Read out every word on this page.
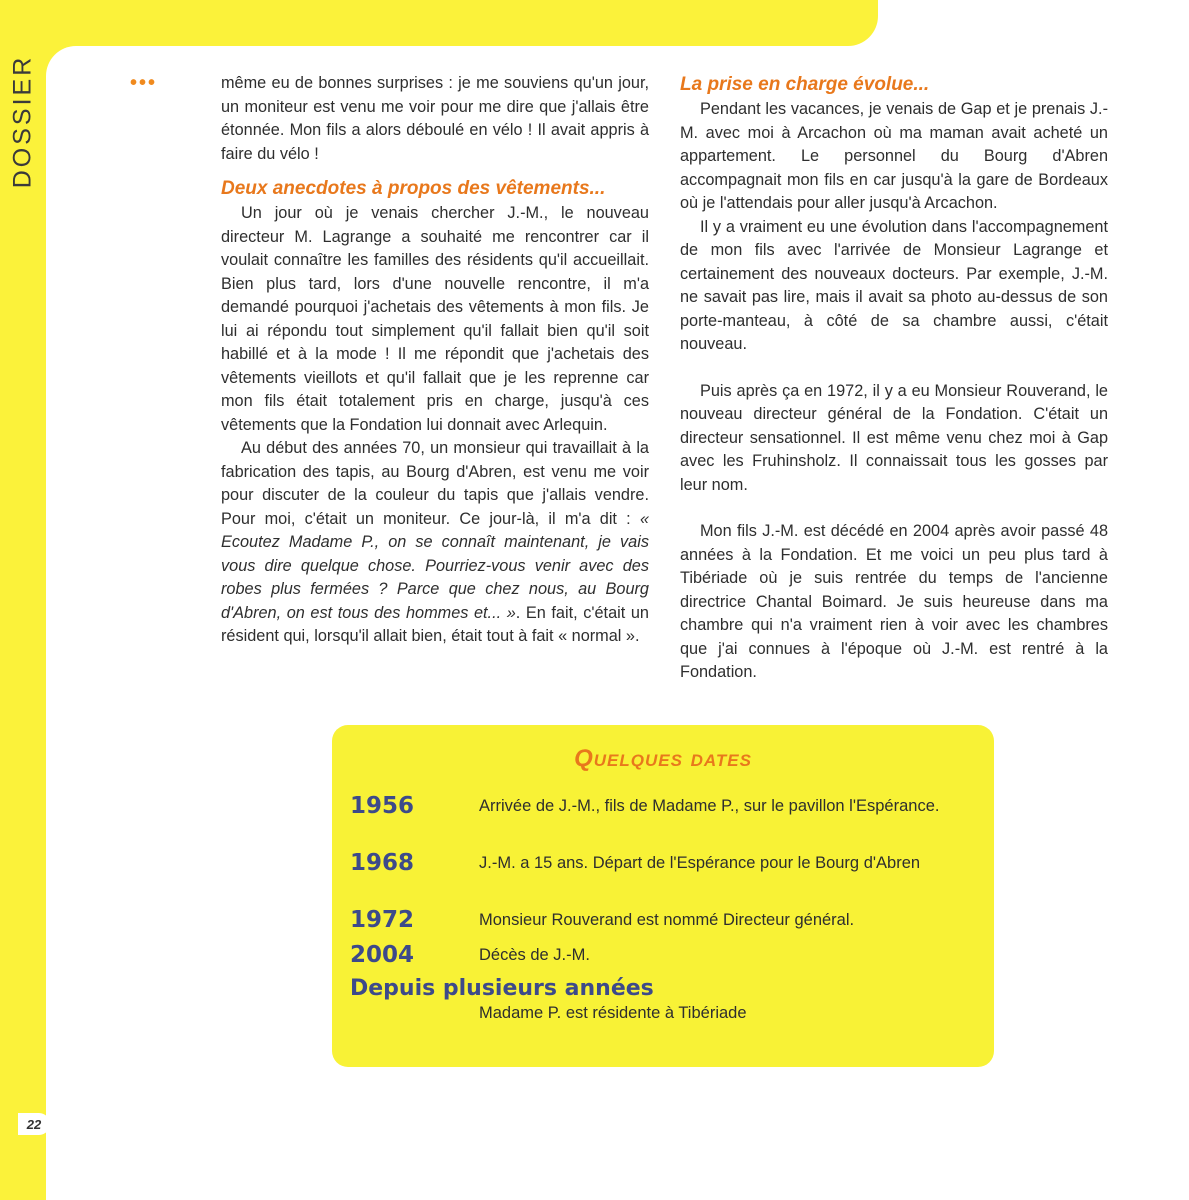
DOSSIER
22
•••	même eu de bonnes surprises : je me souviens qu'un jour, un moniteur est venu me voir pour me dire que j'allais être étonnée. Mon fils a alors déboulé en vélo ! Il avait appris à faire du vélo !

Deux anecdotes à propos des vêtements...

Un jour où je venais chercher J.-M., le nouveau directeur M. Lagrange a souhaité me rencontrer car il voulait connaître les familles des résidents qu'il accueillait. Bien plus tard, lors d'une nouvelle rencontre, il m'a demandé pourquoi j'achetais des vêtements à mon fils. Je lui ai répondu tout simplement qu'il fallait bien qu'il soit habillé et à la mode ! Il me répondit que j'achetais des vêtements vieillots et qu'il fallait que je les reprenne car mon fils était totalement pris en charge, jusqu'à ces vêtements que la Fondation lui donnait avec Arlequin.

Au début des années 70, un monsieur qui travaillait à la fabrication des tapis, au Bourg d'Abren, est venu me voir pour discuter de la couleur du tapis que j'allais vendre. Pour moi, c'était un moniteur. Ce jour-là, il m'a dit : « Ecoutez Madame P., on se connaît maintenant, je vais vous dire quelque chose. Pourriez-vous venir avec des robes plus fermées ? Parce que chez nous, au Bourg d'Abren, on est tous des hommes et... ». En fait, c'était un résident qui, lorsqu'il allait bien, était tout à fait « normal ».

La prise en charge évolue...

Pendant les vacances, je venais de Gap et je prenais J.-M. avec moi à Arcachon où ma maman avait acheté un appartement. Le personnel du Bourg d'Abren accompagnait mon fils en car jusqu'à la gare de Bordeaux où je l'attendais pour aller jusqu'à Arcachon.

Il y a vraiment eu une évolution dans l'accompagnement de mon fils avec l'arrivée de Monsieur Lagrange et certainement des nouveaux docteurs. Par exemple, J.-M. ne savait pas lire, mais il avait sa photo au-dessus de son porte-manteau, à côté de sa chambre aussi, c'était nouveau.

Puis après ça en 1972, il y a eu Monsieur Rouverand, le nouveau directeur général de la Fondation. C'était un directeur sensationnel. Il est même venu chez moi à Gap avec les Fruhinsholz. Il connaissait tous les gosses par leur nom.

Mon fils J.-M. est décédé en 2004 après avoir passé 48 années à la Fondation. Et me voici un peu plus tard à Tibériade où je suis rentrée du temps de l'ancienne directrice Chantal Boimard. Je suis heureuse dans ma chambre qui n'a vraiment rien à voir avec les chambres que j'ai connues à l'époque où J.-M. est rentré à la Fondation.

Quelques dates
1956	Arrivée de J.-M., fils de Madame P., sur le pavillon l'Espérance.
1968	J.-M. a 15 ans. Départ de l'Espérance pour le Bourg d'Abren
1972	Monsieur Rouverand est nommé Directeur général.
2004	Décès de J.-M.
Depuis plusieurs années
Madame P. est résidente à Tibériade
